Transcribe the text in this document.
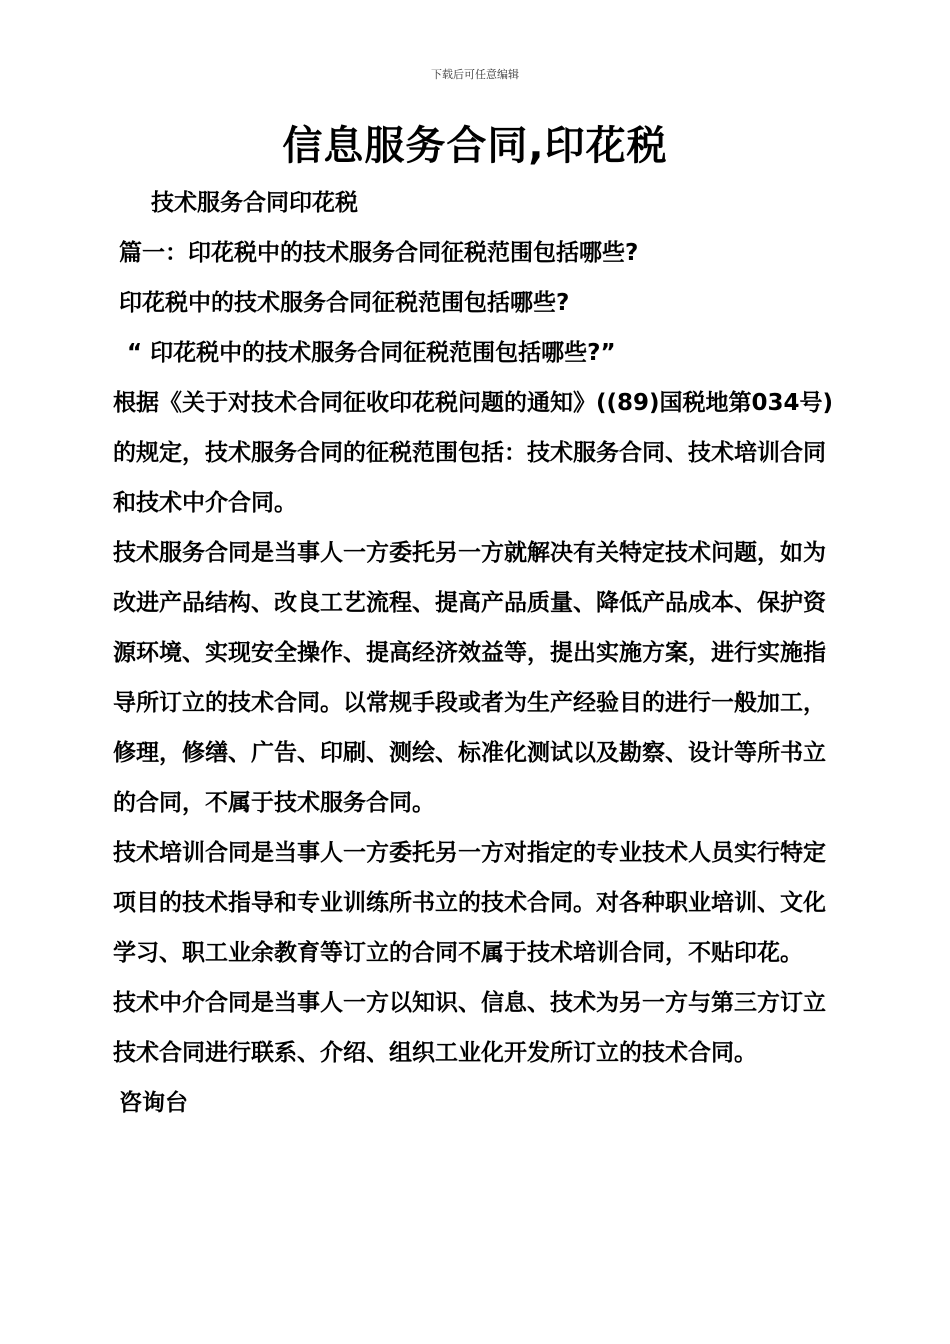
下载后可任意编辑
信息服务合同,印花税

技术服务合同印花税

篇一：印花税中的技术服务合同征税范围包括哪些?

印花税中的技术服务合同征税范围包括哪些?

“ 印花税中的技术服务合同征税范围包括哪些?”

根据《关于对技术合同征收印花税问题的通知》((89)国税地第034号)的规定，技术服务合同的征税范围包括：技术服务合同、技术培训合同和技术中介合同。

技术服务合同是当事人一方委托另一方就解决有关特定技术问题，如为改进产品结构、改良工艺流程、提高产品质量、降低产品成本、保护资源环境、实现安全操作、提高经济效益等，提出实施方案，进行实施指导所订立的技术合同。以常规手段或者为生产经验目的进行一般加工，修理，修缮、广告、印刷、测绘、标准化测试以及勘察、设计等所书立的合同，不属于技术服务合同。

技术培训合同是当事人一方委托另一方对指定的专业技术人员实行特定项目的技术指导和专业训练所书立的技术合同。对各种职业培训、文化学习、职工业余教育等订立的合同不属于技术培训合同，不贴印花。

技术中介合同是当事人一方以知识、信息、技术为另一方与第三方订立技术合同进行联系、介绍、组织工业化开发所订立的技术合同。

咨询台
